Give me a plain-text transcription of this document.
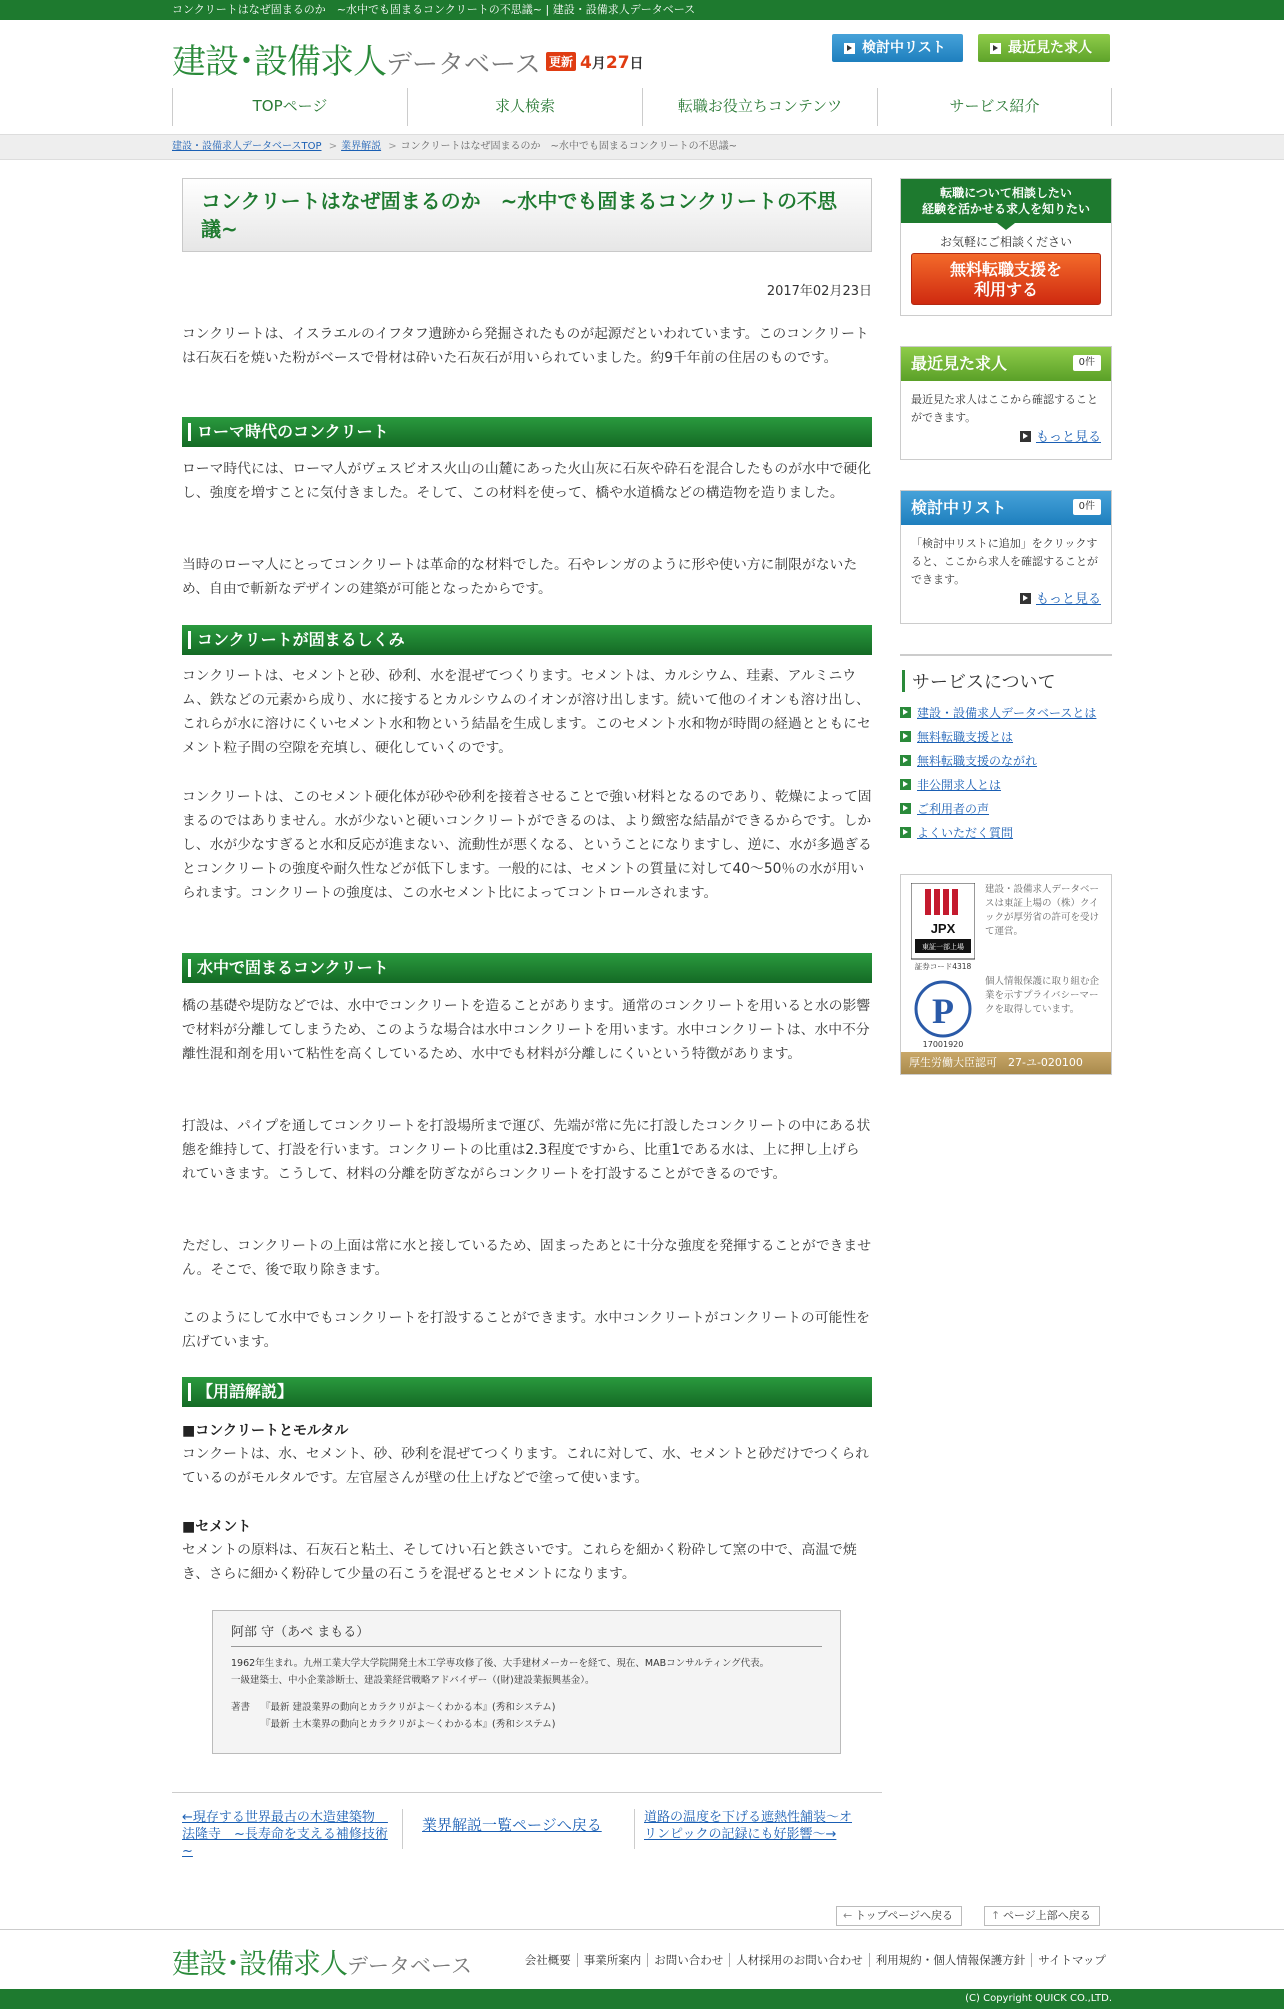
コンクリートはなぜ固まるのか　~水中でも固まるコンクリートの不思議~ | 建設・設備求人データベース
建設･設備求人データベース 更新 4月27日
検討中リスト	最近見た求人
TOPページ	求人検索	転職お役立ちコンテンツ	サービス紹介
建設・設備求人データベースTOP > 業界解説 > コンクリートはなぜ固まるのか　~水中でも固まるコンクリートの不思議~
コンクリートはなぜ固まるのか　~水中でも固まるコンクリートの不思議~
2017年02月23日
コンクリートは、イスラエルのイフタフ遺跡から発掘されたものが起源だといわれています。このコンクリートは石灰石を焼いた粉がベースで骨材は砕いた石灰石が用いられていました。約9千年前の住居のものです。
ローマ時代のコンクリート
ローマ時代には、ローマ人がヴェスビオス火山の山麓にあった火山灰に石灰や砕石を混合したものが水中で硬化し、強度を増すことに気付きました。そして、この材料を使って、橋や水道橋などの構造物を造りました。
当時のローマ人にとってコンクリートは革命的な材料でした。石やレンガのように形や使い方に制限がないため、自由で斬新なデザインの建築が可能となったからです。
コンクリートが固まるしくみ
コンクリートは、セメントと砂、砂利、水を混ぜてつくります。セメントは、カルシウム、珪素、アルミニウム、鉄などの元素から成り、水に接するとカルシウムのイオンが溶け出します。続いて他のイオンも溶け出し、これらが水に溶けにくいセメント水和物という結晶を生成します。このセメント水和物が時間の経過とともにセメント粒子間の空隙を充填し、硬化していくのです。
コンクリートは、このセメント硬化体が砂や砂利を接着させることで強い材料となるのであり、乾燥によって固まるのではありません。水が少ないと硬いコンクリートができるのは、より緻密な結晶ができるからです。しかし、水が少なすぎると水和反応が進まない、流動性が悪くなる、ということになりますし、逆に、水が多過ぎるとコンクリートの強度や耐久性などが低下します。一般的には、セメントの質量に対して40～50％の水が用いられます。コンクリートの強度は、この水セメント比によってコントロールされます。
水中で固まるコンクリート
橋の基礎や堤防などでは、水中でコンクリートを造ることがあります。通常のコンクリートを用いると水の影響で材料が分離してしまうため、このような場合は水中コンクリートを用います。水中コンクリートは、水中不分離性混和剤を用いて粘性を高くしているため、水中でも材料が分離しにくいという特徴があります。
打設は、パイプを通してコンクリートを打設場所まで運び、先端が常に先に打設したコンクリートの中にある状態を維持して、打設を行います。コンクリートの比重は2.3程度ですから、比重1である水は、上に押し上げられていきます。こうして、材料の分離を防ぎながらコンクリートを打設することができるのです。
ただし、コンクリートの上面は常に水と接しているため、固まったあとに十分な強度を発揮することができません。そこで、後で取り除きます。
このようにして水中でもコンクリートを打設することができます。水中コンクリートがコンクリートの可能性を広げています。
【用語解説】
■コンクリートとモルタル
コンクートは、水、セメント、砂、砂利を混ぜてつくります。これに対して、水、セメントと砂だけでつくられているのがモルタルです。左官屋さんが壁の仕上げなどで塗って使います。
■セメント
セメントの原料は、石灰石と粘土、そしてけい石と鉄さいです。これらを細かく粉砕して窯の中で、高温で焼き、さらに細かく粉砕して少量の石こうを混ぜるとセメントになります。
阿部 守（あべ まもる）
1962年生まれ。九州工業大学大学院開発土木工学専攻修了後、大手建材メーカーを経て、現在、MABコンサルティング代表。
一級建築士、中小企業診断士、建設業経営戦略アドバイザー（(財)建設業振興基金）。
著書 『最新 建設業界の動向とカラクリがよ～くわかる本』(秀和システム)
『最新 土木業界の動向とカラクリがよ～くわかる本』(秀和システム)
←現存する世界最古の木造建築物　法隆寺　~長寿命を支える補修技術~
業界解説一覧ページへ戻る	道路の温度を下げる遮熱性舗装～オリンピックの記録にも好影響～→
← トップページへ戻る	↑ ページ上部へ戻る
転職について相談したい
経験を活かせる求人を知りたい
お気軽にご相談ください
無料転職支援を
利用する
最近見た求人	0件
最近見た求人はここから確認することができます。
もっと見る
検討中リスト	0件
「検討中リストに追加」をクリックすると、ここから求人を確認することができます。
もっと見る
サービスについて
建設・設備求人データベースとは
無料転職支援とは
無料転職支援のながれ
非公開求人とは
ご利用者の声
よくいただく質問
JPX
東証一部上場
証券コード4318
建設・設備求人データベースは東証上場の（株）クイックが厚労省の許可を受けて運営。
P
17001920
個人情報保護に取り組む企業を示すプライバシーマークを取得しています。
厚生労働大臣認可　27-ユ-020100
建設･設備求人データベース	会社概要 事業所案内 お問い合わせ 人材採用のお問い合わせ 利用規約・個人情報保護方針 サイトマップ
(C) Copyright QUICK CO.,LTD.
